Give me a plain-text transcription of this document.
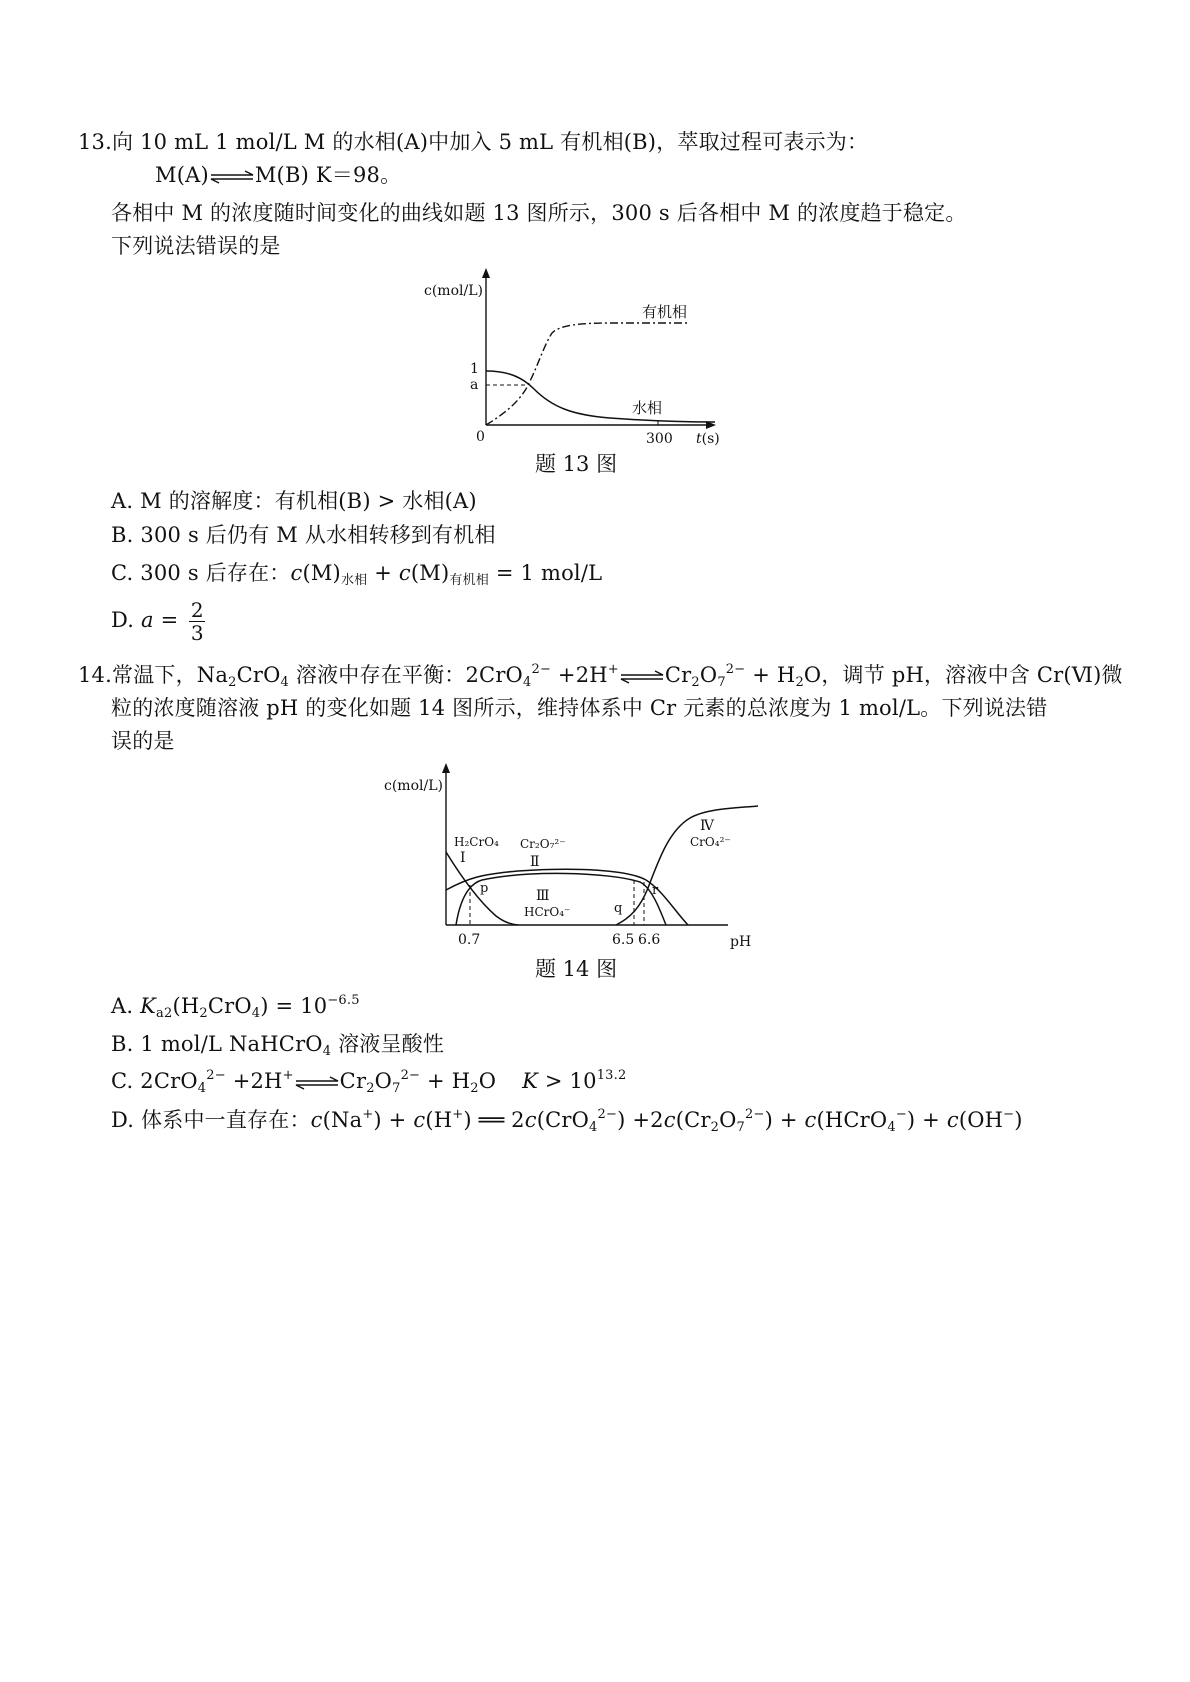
13.向 10 mL 1 mol/L M 的水相(A)中加入 5 mL 有机相(B)，萃取过程可表示为：
M(A)⇌M(B) K＝98。
各相中 M 的浓度随时间变化的曲线如题 13 图所示，300 s 后各相中 M 的浓度趋于稳定。
下列说法错误的是
c(mol/L)
1
a
0	300 t(s)
有机相
水相
题 13 图
A. M 的溶解度：有机相(B) > 水相(A)
B. 300 s 后仍有 M 从水相转移到有机相
C. 300 s 后存在：$c(M)_{水相} + c(M)_{有机相} = 1$ mol/L
D. $a = \frac{2}{3}$
14.常温下，$Na_2CrO_4$ 溶液中存在平衡：$2CrO_4^{2-} +2H^+\rightleftharpoons Cr_2O_7^{2-} + H_2O$，调节 pH，溶液中含 Cr(Ⅵ)微
粒的浓度随溶液 pH 的变化如题 14 图所示，维持体系中 Cr 元素的总浓度为 1 mol/L。下列说法错
误的是
c(mol/L)
H₂CrO₄
Ⅰ
Cr₂O₇²⁻
Ⅱ
Ⅲ
HCrO₄⁻
Ⅳ
CrO₄²⁻
p
q
r
0.7	6.5 6.6	pH
题 14 图
A. $K_{a2}(H_2CrO_4) = 10^{-6.5}$
B. 1 mol/L NaHCrO$_4$ 溶液呈酸性
C. $2CrO_4^{2-} +2H^+\rightleftharpoons Cr_2O_7^{2-} + H_2O$ $K > 10^{13.2}$
D. 体系中一直存在：c(Na+) + c(H+) ══ $2c(CrO_4^{2-}) +2c(Cr_2O_7^{2-})$ + c(HCrO$_4$−) + c(OH−)
